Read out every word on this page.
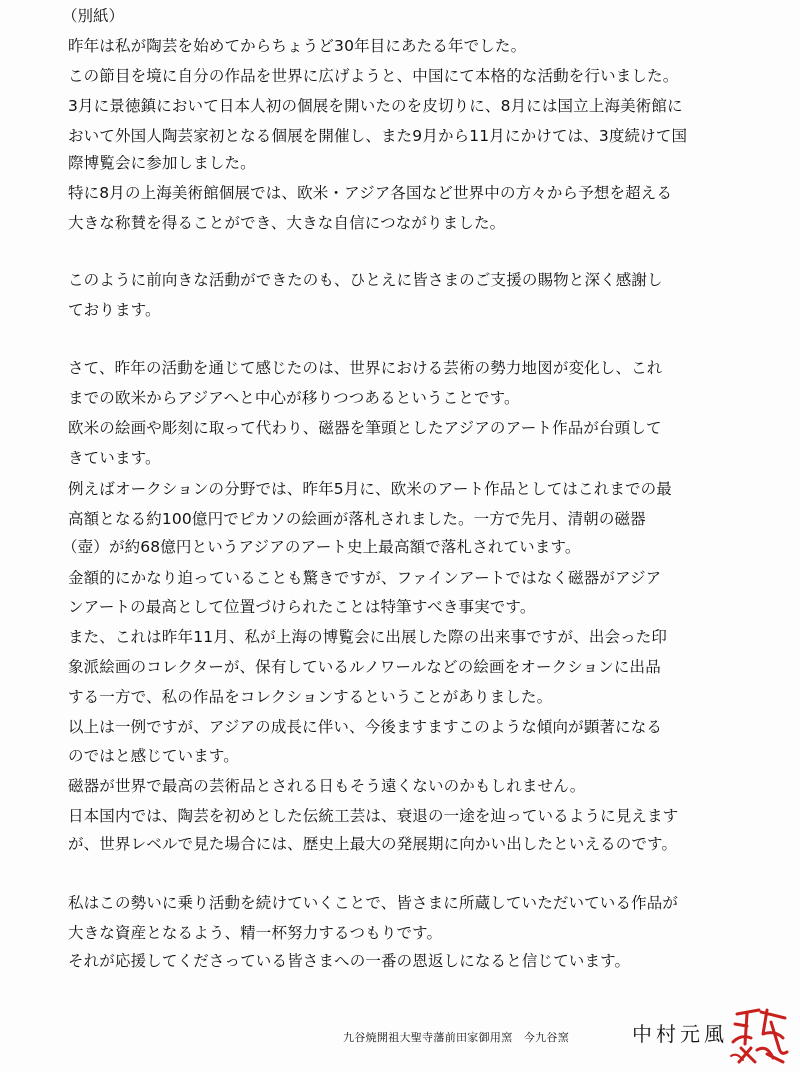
（別紙）
昨年は私が陶芸を始めてからちょうど30年目にあたる年でした。
この節目を境に自分の作品を世界に広げようと、中国にて本格的な活動を行いました。
3月に景徳鎮において日本人初の個展を開いたのを皮切りに、8月には国立上海美術館に
おいて外国人陶芸家初となる個展を開催し、また9月から11月にかけては、3度続けて国
際博覧会に参加しました。
特に8月の上海美術館個展では、欧米・アジア各国など世界中の方々から予想を超える
大きな称賛を得ることができ、大きな自信につながりました。
このように前向きな活動ができたのも、ひとえに皆さまのご支援の賜物と深く感謝し
ております。
さて、昨年の活動を通じて感じたのは、世界における芸術の勢力地図が変化し、これ
までの欧米からアジアへと中心が移りつつあるということです。
欧米の絵画や彫刻に取って代わり、磁器を筆頭としたアジアのアート作品が台頭して
きています。
例えばオークションの分野では、昨年5月に、欧米のアート作品としてはこれまでの最
高額となる約100億円でピカソの絵画が落札されました。一方で先月、清朝の磁器
（壺）が約68億円というアジアのアート史上最高額で落札されています。
金額的にかなり迫っていることも驚きですが、ファインアートではなく磁器がアジア
ンアートの最高として位置づけられたことは特筆すべき事実です。
また、これは昨年11月、私が上海の博覧会に出展した際の出来事ですが、出会った印
象派絵画のコレクターが、保有しているルノワールなどの絵画をオークションに出品
する一方で、私の作品をコレクションするということがありました。
以上は一例ですが、アジアの成長に伴い、今後ますますこのような傾向が顕著になる
のではと感じています。
磁器が世界で最高の芸術品とされる日もそう遠くないのかもしれません。
日本国内では、陶芸を初めとした伝統工芸は、衰退の一途を辿っているように見えます
が、世界レベルで見た場合には、歴史上最大の発展期に向かい出したといえるのです。
私はこの勢いに乗り活動を続けていくことで、皆さまに所蔵していただいている作品が
大きな資産となるよう、精一杯努力するつもりです。
それが応援してくださっている皆さまへの一番の恩返しになると信じています。
九谷焼開祖大聖寺藩前田家御用窯　今九谷窯	中村元風
